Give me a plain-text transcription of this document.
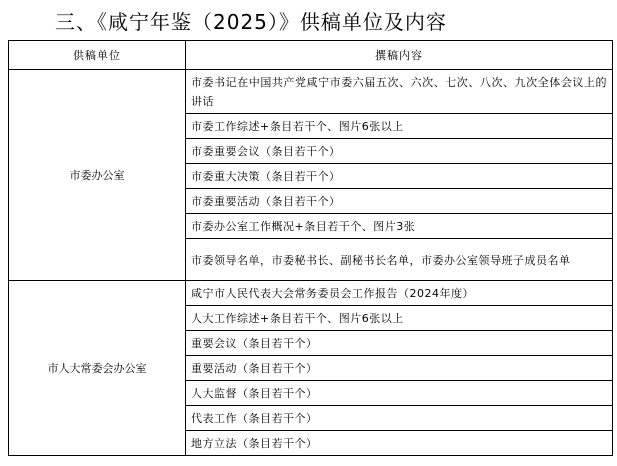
三、《咸宁年鉴（2025）》供稿单位及内容
供稿单位	撰稿内容
市委办公室	市委书记在中国共产党咸宁市委六届五次、六次、七次、八次、九次全体会议上的讲话
	市委工作综述+条目若干个、图片6张以上
	市委重要会议（条目若干个）
	市委重大决策（条目若干个）
	市委重要活动（条目若干个）
	市委办公室工作概况+条目若干个、图片3张
	市委领导名单，市委秘书长、副秘书长名单，市委办公室领导班子成员名单
市人大常委会办公室	咸宁市人民代表大会常务委员会工作报告（2024年度）
	人大工作综述+条目若干个、图片6张以上
	重要会议（条目若干个）
	重要活动（条目若干个）
	人大监督（条目若干个）
	代表工作（条目若干个）
	地方立法（条目若干个）
